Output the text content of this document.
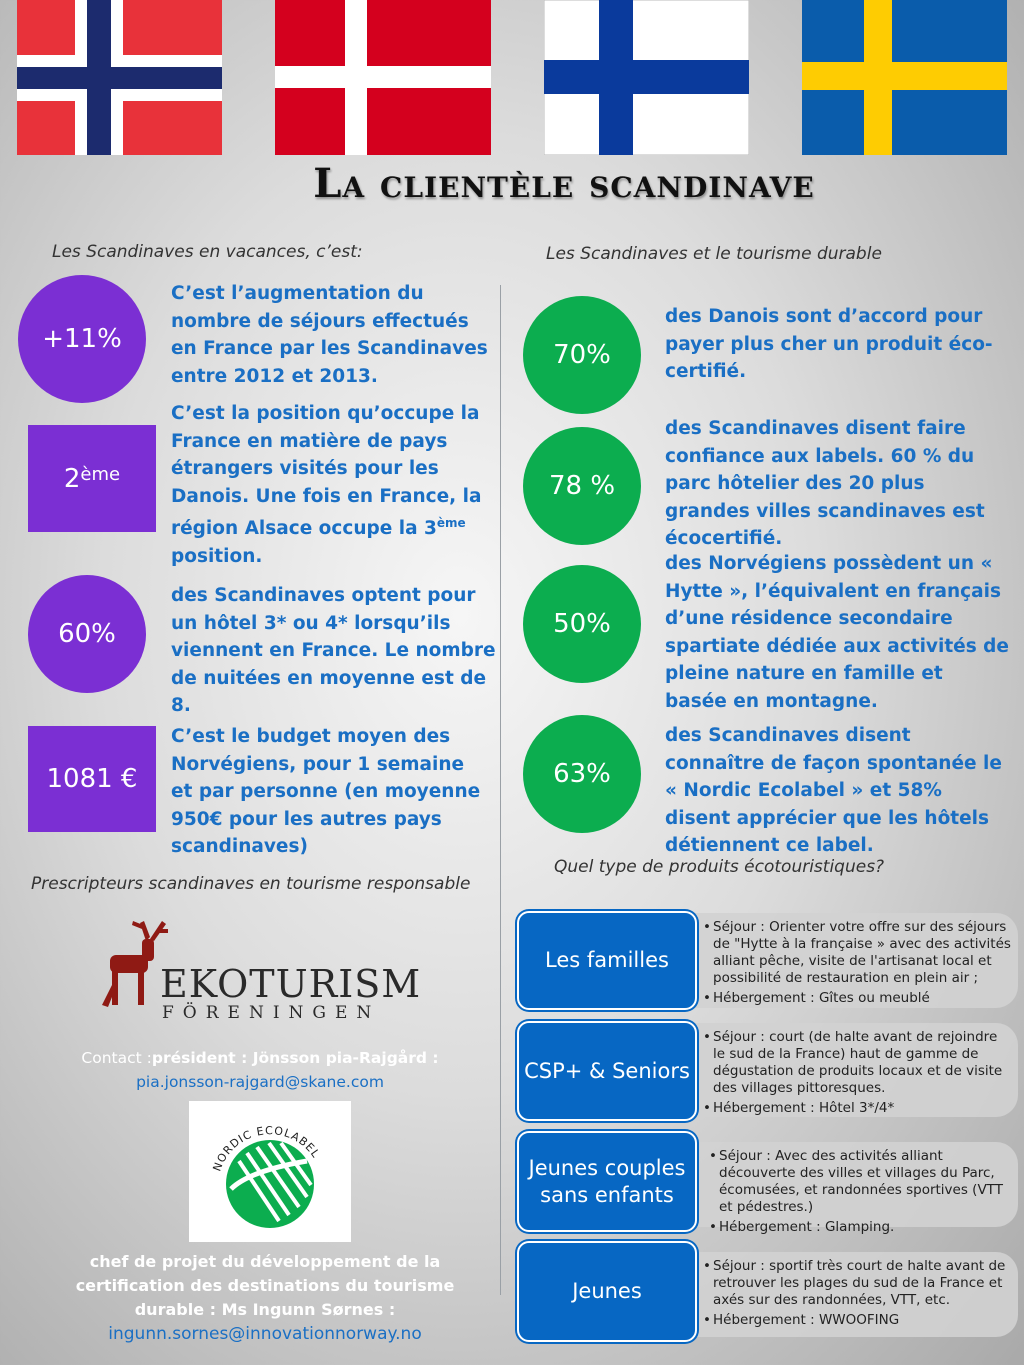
La clientèle scandinave
Les Scandinaves en vacances, c’est:
+11%
C’est l’augmentation du nombre de séjours effectués en France par les Scandinaves entre 2012 et 2013.
2ème
C’est la position qu’occupe la France en matière de pays étrangers visités pour les Danois. Une fois en France, la région Alsace occupe la 3ème position.
60%
des Scandinaves optent pour un hôtel 3* ou 4* lorsqu’ils viennent en France. Le nombre de nuitées en moyenne est de 8.
1081 €
C’est le budget moyen des Norvégiens, pour 1 semaine et par personne (en moyenne 950€ pour les autres pays scandinaves)
Les Scandinaves et le tourisme durable
70%
des Danois sont d’accord pour payer plus cher un produit éco-certifié.
78 %
des Scandinaves disent faire confiance aux labels. 60 % du parc hôtelier des 20 plus grandes villes scandinaves est écocertifié.
50%
des Norvégiens possèdent un « Hytte », l’équivalent en français d’une résidence secondaire spartiate dédiée aux activités de pleine nature en famille et basée en montagne.
63%
des Scandinaves disent connaître de façon spontanée le « Nordic Ecolabel » et 58% disent apprécier que les hôtels détiennent ce label.
Prescripteurs scandinaves en tourisme responsable
EKOTURISM
FÖRENINGEN
Contact :président : Jönsson pia-Rajgård :
pia.jonsson-rajgard@skane.com
NORDIC ECOLABEL
chef de projet du développement de la certification des destinations du tourisme durable : Ms Ingunn Sørnes :
ingunn.sornes@innovationnorway.no
Quel type de produits écotouristiques?
• Séjour : Orienter votre offre sur des séjours de "Hytte à la française » avec des activités alliant pêche, visite de l'artisanat local et possibilité de restauration en plein air ;
• Hébergement : Gîtes ou meublé
Les familles
• Séjour : court (de halte avant de rejoindre le sud de la France) haut de gamme de dégustation de produits locaux et de visite des villages pittoresques.
• Hébergement : Hôtel 3*/4*
CSP+ & Seniors
• Séjour : Avec des activités alliant découverte des villes et villages du Parc, écomusées, et randonnées sportives (VTT et pédestres.)
• Hébergement : Glamping.
Jeunes couples sans enfants
• Séjour : sportif très court de halte avant de retrouver les plages du sud de la France et axés sur des randonnées, VTT, etc.
• Hébergement : WWOOFING
Jeunes
